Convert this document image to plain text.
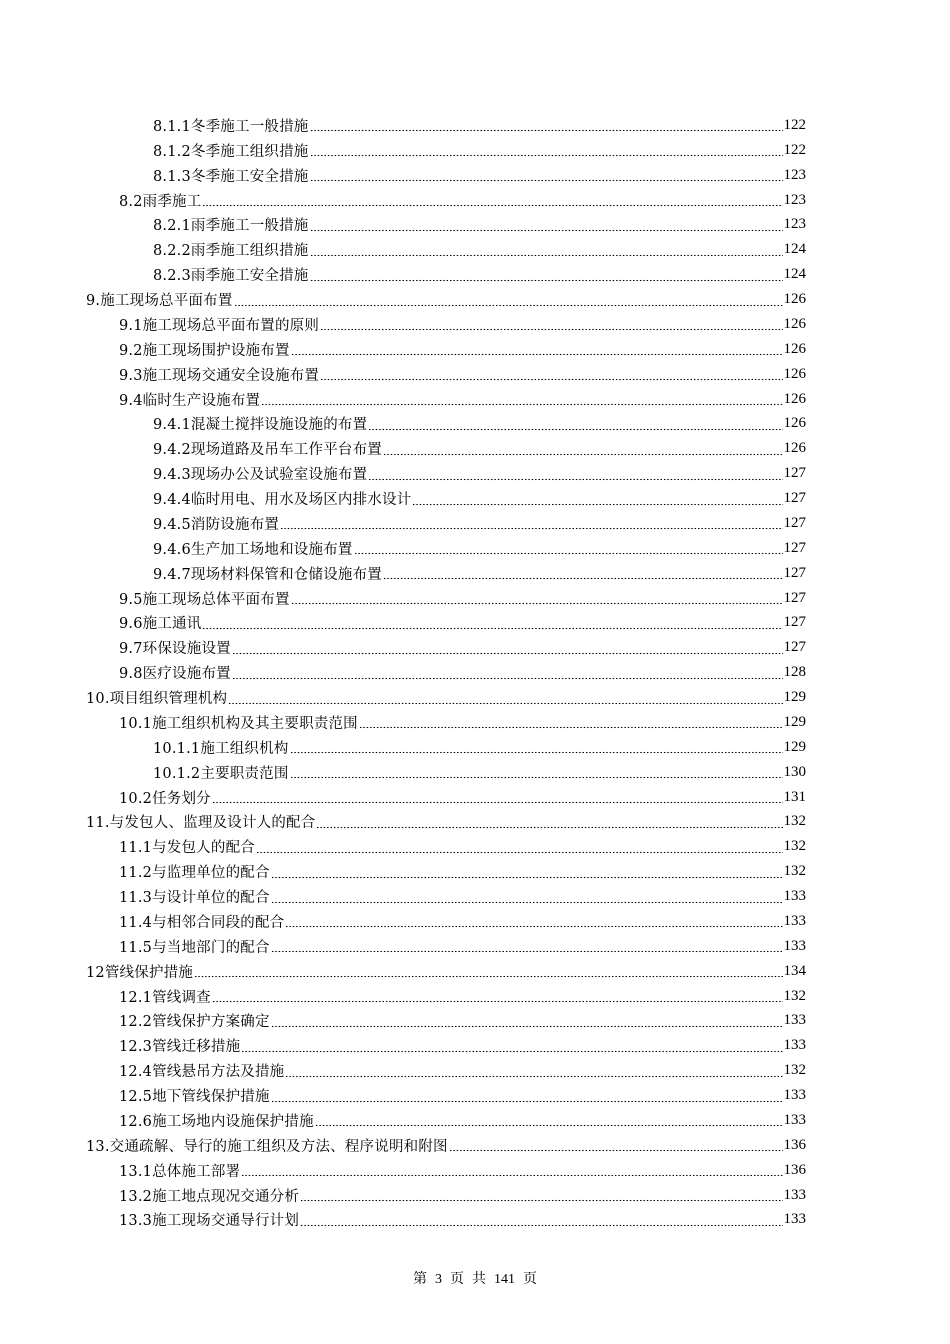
8.1.1冬季施工一般措施	122
8.1.2冬季施工组织措施	122
8.1.3冬季施工安全措施	123
8.2雨季施工	123
8.2.1雨季施工一般措施	123
8.2.2雨季施工组织措施	124
8.2.3雨季施工安全措施	124
9.施工现场总平面布置	126
9.1施工现场总平面布置的原则	126
9.2施工现场围护设施布置	126
9.3施工现场交通安全设施布置	126
9.4临时生产设施布置	126
9.4.1混凝土搅拌设施设施的布置	126
9.4.2现场道路及吊车工作平台布置	126
9.4.3现场办公及试验室设施布置	127
9.4.4临时用电、用水及场区内排水设计	127
9.4.5消防设施布置	127
9.4.6生产加工场地和设施布置	127
9.4.7现场材料保管和仓储设施布置	127
9.5施工现场总体平面布置	127
9.6施工通讯	127
9.7环保设施设置	127
9.8医疗设施布置	128
10.项目组织管理机构	129
10.1施工组织机构及其主要职责范围	129
10.1.1施工组织机构	129
10.1.2主要职责范围	130
10.2任务划分	131
11.与发包人、监理及设计人的配合	132
11.1与发包人的配合	132
11.2与监理单位的配合	132
11.3与设计单位的配合	133
11.4与相邻合同段的配合	133
11.5与当地部门的配合	133
12管线保护措施	134
12.1管线调查	132
12.2管线保护方案确定	133
12.3管线迁移措施	133
12.4管线悬吊方法及措施	132
12.5地下管线保护措施	133
12.6施工场地内设施保护措施	133
13.交通疏解、导行的施工组织及方法、程序说明和附图	136
13.1总体施工部署	136
13.2施工地点现况交通分析	133
13.3施工现场交通导行计划	133
第 3 页 共 141 页
